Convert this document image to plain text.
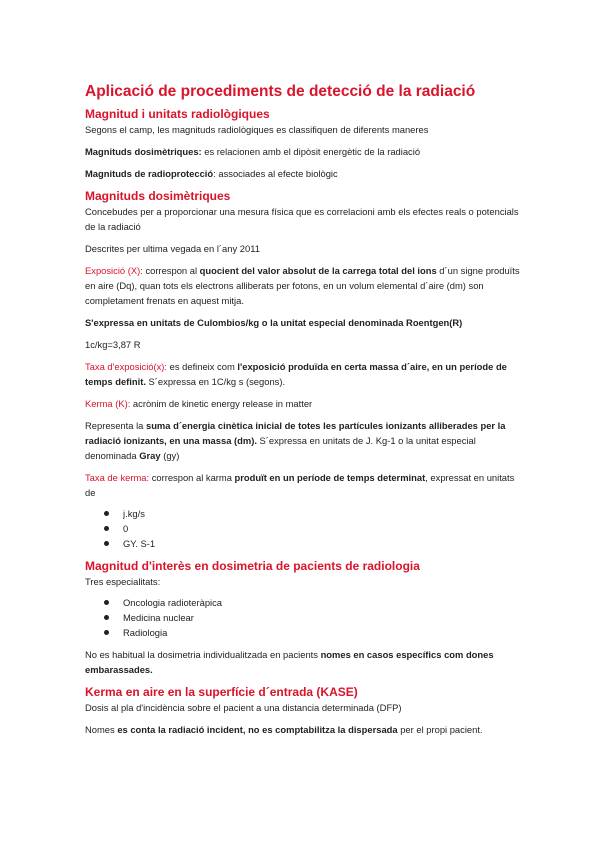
Aplicació de procediments de detecció de la radiació
Magnitud i unitats radiològiques

Segons el camp, les magnituds radiològiques es classifiquen de diferents maneres

Magnituds dosimètriques: es relacionen amb el dipòsit energètic de la radiació

Magnituds de radioprotecció: associades al efecte biològic

Magnituds dosimètriques

Concebudes per a proporcionar una mesura física que es correlacioni amb els efectes reals o potencials de la radiació

Descrites per ultima vegada en l´any 2011

Exposició (X): correspon al quocient del valor absolut de la carrega total del ions d´un signe produïts en aire (Dq), quan tots els electrons alliberats per fotons, en un volum elemental d´aire (dm) son completament frenats en aquest mitja.

S'expressa en unitats de Culombios/kg o la unitat especial denominada Roentgen(R)

1c/kg=3,87 R

Taxa d'exposició(x): es defineix com l'exposició produïda en certa massa d´aire, en un període de temps definit. S´expressa en 1C/kg s (segons).

Kerma (K): acrònim de kinetic energy release in matter

Representa la suma d´energia cinètica inicial de totes les partícules ionizants alliberades per la radiació ionizants, en una massa (dm). S´expressa en unitats de J. Kg-1 o la unitat especial denominada Gray (gy)

Taxa de kerma: correspon al karma produït en un període de temps determinat, expressat en unitats de

j.kg/s
0
GY. S-1
Magnitud d'interès en dosimetria de pacients de radiologia

Tres especialitats:

Oncologia radioteràpica
Medicina nuclear
Radiologia

No es habitual la dosimetria individualitzada en pacients nomes en casos específics com dones embarassades.

Kerma en aire en la superfície d´entrada (KASE)

Dosis al pla d'incidència sobre el pacient a una distancia determinada (DFP)

Nomes es conta la radiació incident, no es comptabilitza la dispersada per el propi pacient.
